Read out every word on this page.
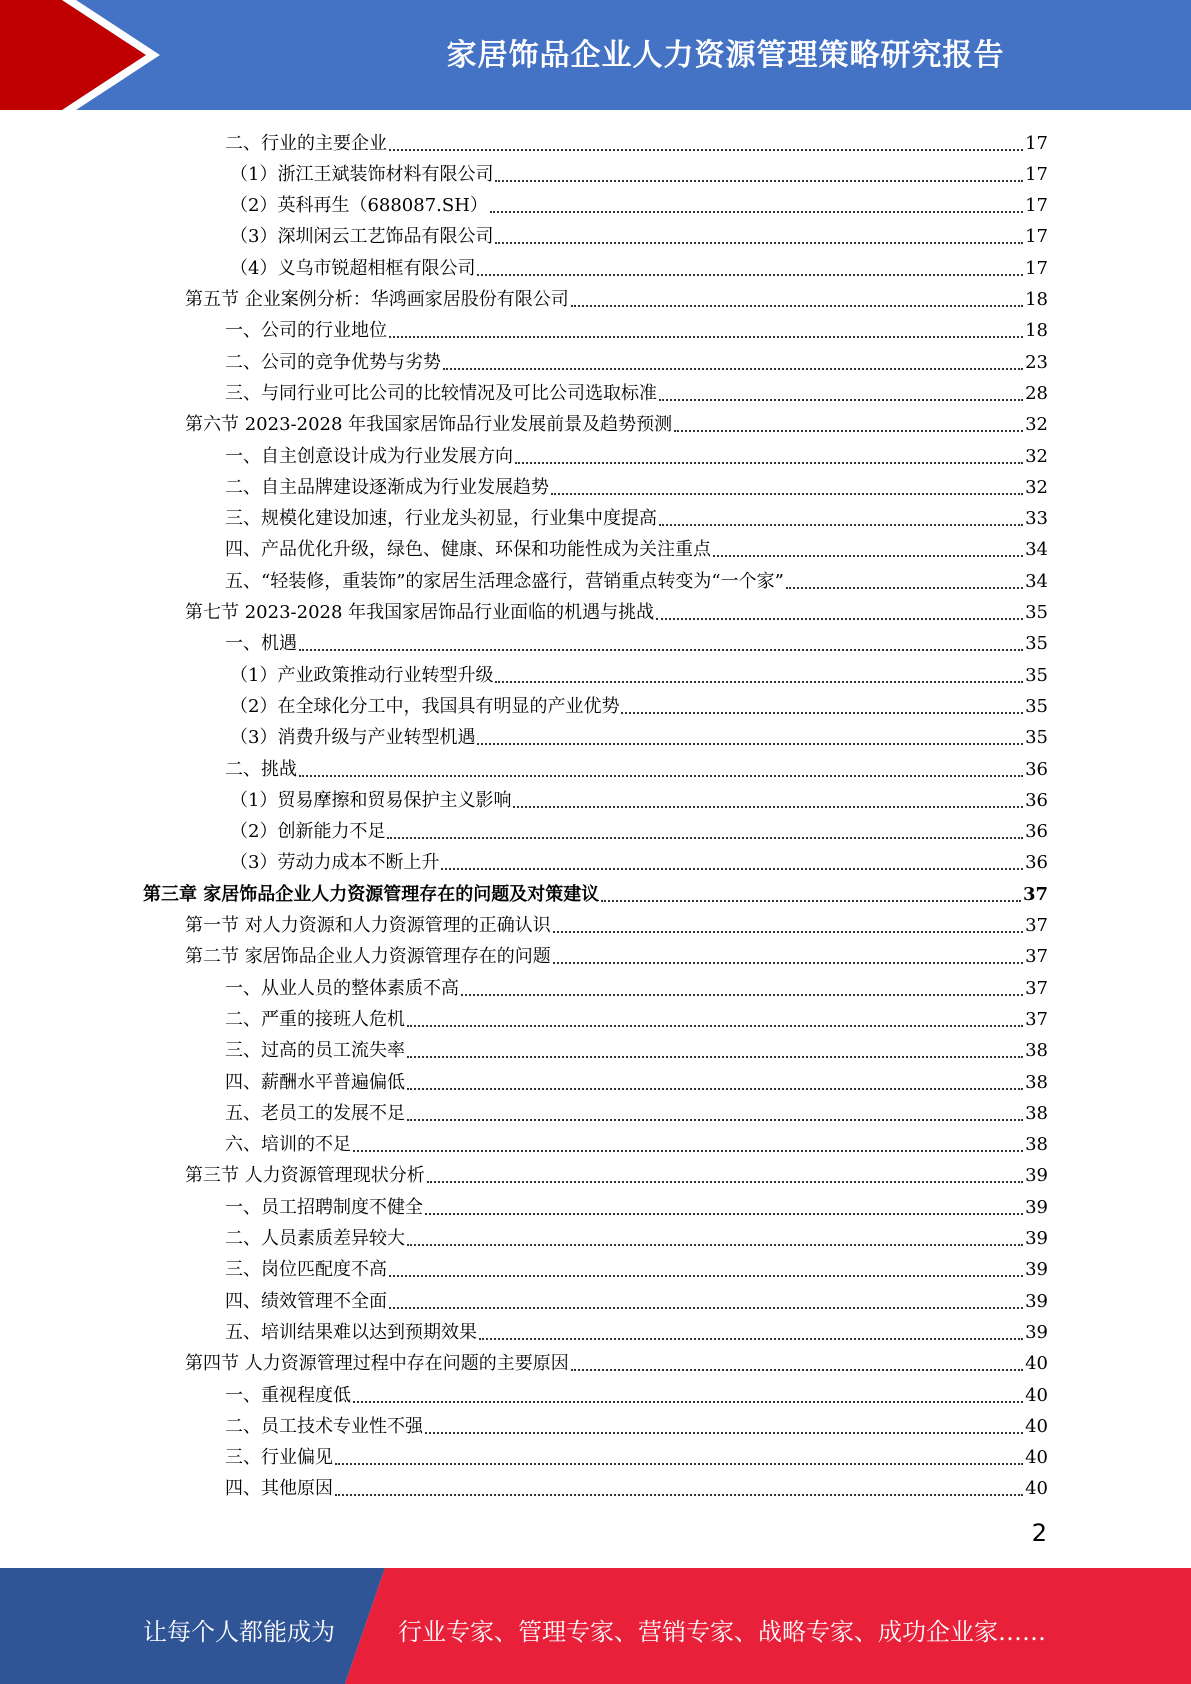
家居饰品企业人力资源管理策略研究报告
二、行业的主要企业	17
（1）浙江王斌装饰材料有限公司	17
（2）英科再生（688087.SH）	17
（3）深圳闲云工艺饰品有限公司	17
（4）义乌市锐超相框有限公司	17
第五节 企业案例分析：华鸿画家居股份有限公司	18
一、公司的行业地位	18
二、公司的竞争优势与劣势	23
三、与同行业可比公司的比较情况及可比公司选取标准	28
第六节 2023-2028 年我国家居饰品行业发展前景及趋势预测	32
一、自主创意设计成为行业发展方向	32
二、自主品牌建设逐渐成为行业发展趋势	32
三、规模化建设加速，行业龙头初显，行业集中度提高	33
四、产品优化升级，绿色、健康、环保和功能性成为关注重点	34
五、“轻装修，重装饰”的家居生活理念盛行，营销重点转变为“一个家”	34
第七节 2023-2028 年我国家居饰品行业面临的机遇与挑战	35
一、机遇	35
（1）产业政策推动行业转型升级	35
（2）在全球化分工中，我国具有明显的产业优势	35
（3）消费升级与产业转型机遇	35
二、挑战	36
（1）贸易摩擦和贸易保护主义影响	36
（2）创新能力不足	36
（3）劳动力成本不断上升	36
第三章 家居饰品企业人力资源管理存在的问题及对策建议	37
第一节 对人力资源和人力资源管理的正确认识	37
第二节 家居饰品企业人力资源管理存在的问题	37
一、从业人员的整体素质不高	37
二、严重的接班人危机	37
三、过高的员工流失率	38
四、薪酬水平普遍偏低	38
五、老员工的发展不足	38
六、培训的不足	38
第三节 人力资源管理现状分析	39
一、员工招聘制度不健全	39
二、人员素质差异较大	39
三、岗位匹配度不高	39
四、绩效管理不全面	39
五、培训结果难以达到预期效果	39
第四节 人力资源管理过程中存在问题的主要原因	40
一、重视程度低	40
二、员工技术专业性不强	40
三、行业偏见	40
四、其他原因	40
2
让每个人都能成为	行业专家、管理专家、营销专家、战略专家、成功企业家……
